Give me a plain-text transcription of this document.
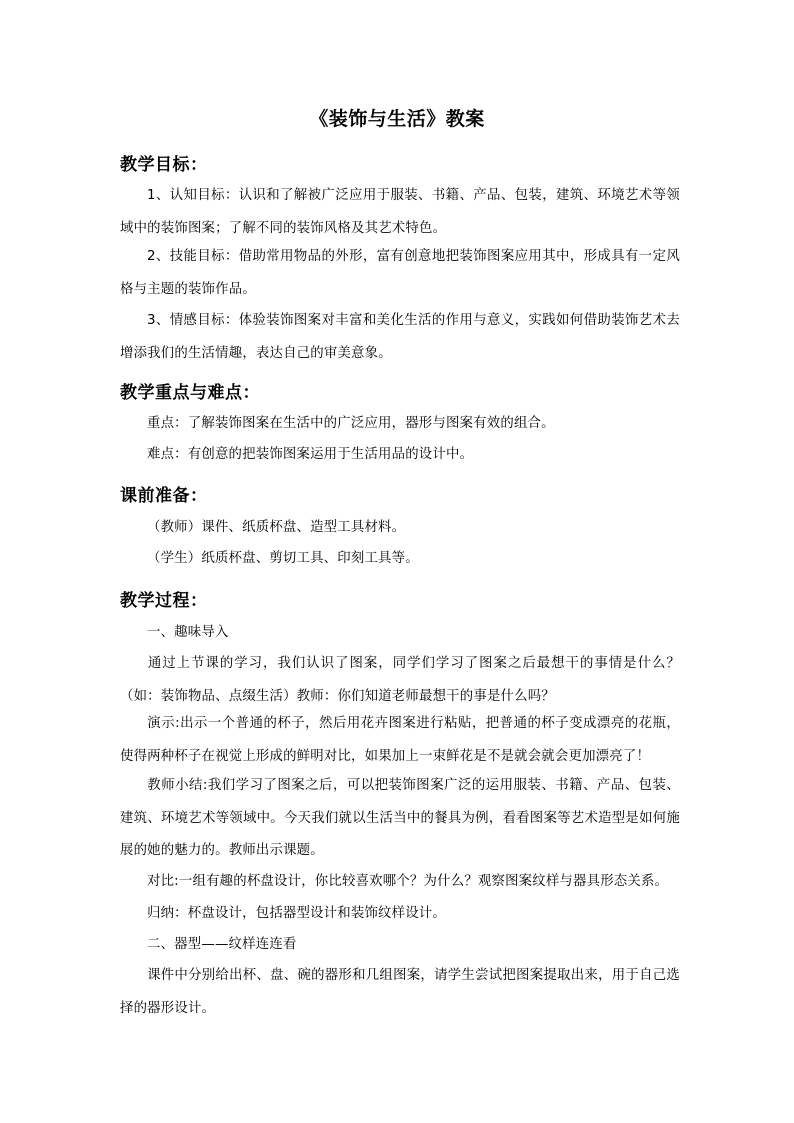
《装饰与生活》教案
教学目标：
1、认知目标：认识和了解被广泛应用于服装、书籍、产品、包装，建筑、环境艺术等领域中的装饰图案；了解不同的装饰风格及其艺术特色。
2、技能目标：借助常用物品的外形，富有创意地把装饰图案应用其中，形成具有一定风格与主题的装饰作品。
3、情感目标：体验装饰图案对丰富和美化生活的作用与意义，实践如何借助装饰艺术去增添我们的生活情趣，表达自己的审美意象。
教学重点与难点：
重点：了解装饰图案在生活中的广泛应用，器形与图案有效的组合。
难点：有创意的把装饰图案运用于生活用品的设计中。
课前准备：
（教师）课件、纸质杯盘、造型工具材料。
（学生）纸质杯盘、剪切工具、印刻工具等。
教学过程：
一、趣味导入
通过上节课的学习，我们认识了图案，同学们学习了图案之后最想干的事情是什么？（如：装饰物品、点缀生活）教师：你们知道老师最想干的事是什么吗？
演示:出示一个普通的杯子，然后用花卉图案进行粘贴，把普通的杯子变成漂亮的花瓶，使得两种杯子在视觉上形成的鲜明对比，如果加上一束鲜花是不是就会就会更加漂亮了！
教师小结:我们学习了图案之后，可以把装饰图案广泛的运用服装、书籍、产品、包装、建筑、环境艺术等领域中。今天我们就以生活当中的餐具为例，看看图案等艺术造型是如何施展的她的魅力的。教师出示课题。
对比:一组有趣的杯盘设计，你比较喜欢哪个？为什么？观察图案纹样与器具形态关系。
归纳：杯盘设计，包括器型设计和装饰纹样设计。
二、器型——纹样连连看
课件中分别给出杯、盘、碗的器形和几组图案，请学生尝试把图案提取出来，用于自己选择的器形设计。
